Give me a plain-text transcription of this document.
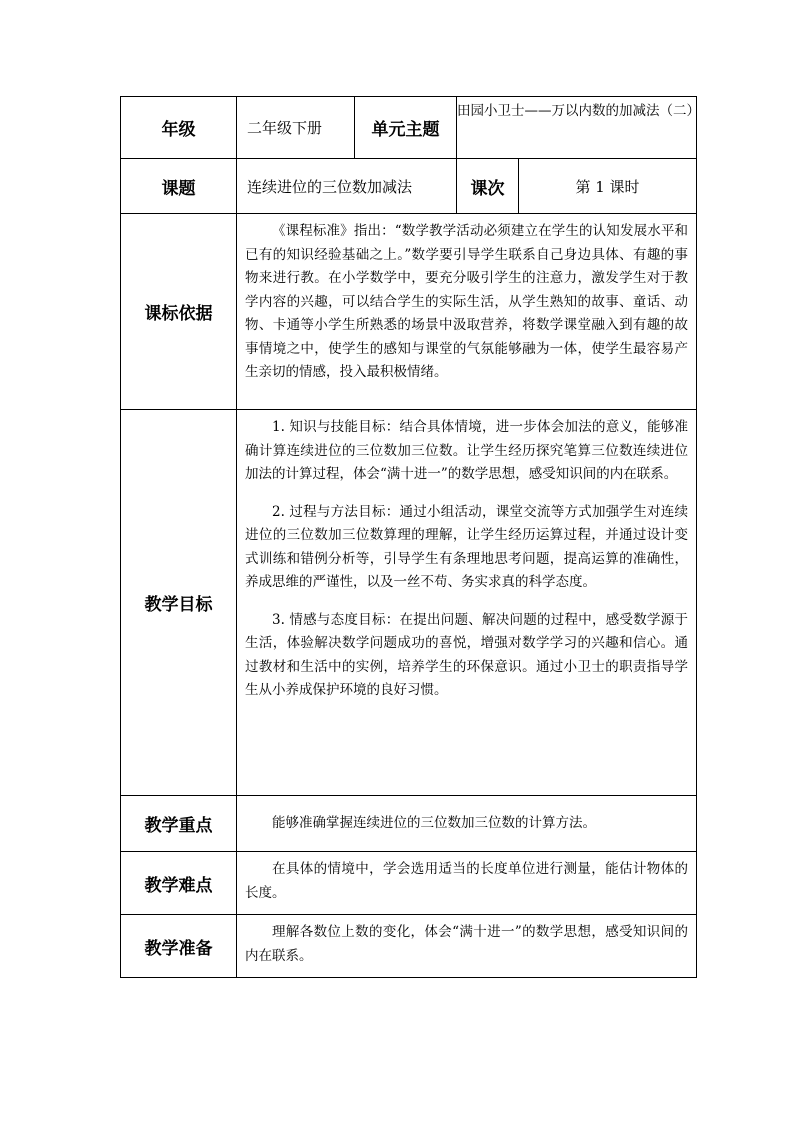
年级	二年级下册	单元主题	田园小卫士——万以内数的加减法（二）	

课题	连续进位的三位数加减法		课次	第 1 课时
课标依据	《课程标准》指出：“数学教学活动必须建立在学生的认知发展水平和已有的知识经验基础之上。”数学要引导学生联系自己身边具体、有趣的事物来进行教。在小学数学中，要充分吸引学生的注意力，激发学生对于教学内容的兴趣，可以结合学生的实际生活，从学生熟知的故事、童话、动物、卡通等小学生所熟悉的场景中汲取营养，将数学课堂融入到有趣的故事情境之中，使学生的感知与课堂的气氛能够融为一体，使学生最容易产生亲切的情感，投入最积极情绪。			

教学目标	1. 知识与技能目标：结合具体情境，进一步体会加法的意义，能够准确计算连续进位的三位数加三位数。让学生经历探究笔算三位数连续进位加法的计算过程，体会“满十进一”的数学思想，感受知识间的内在联系。

2. 过程与方法目标：通过小组活动，课堂交流等方式加强学生对连续进位的三位数加三位数算理的理解，让学生经历运算过程，并通过设计变式训练和错例分析等，引导学生有条理地思考问题，提高运算的准确性，养成思维的严谨性，以及一丝不苟、务实求真的科学态度。

3. 情感与态度目标：在提出问题、解决问题的过程中，感受数学源于生活，体验解决数学问题成功的喜悦，增强对数学学习的兴趣和信心。通过教材和生活中的实例，培养学生的环保意识。通过小卫士的职责指导学生从小养成保护环境的良好习惯。			

教学重点	能够准确掌握连续进位的三位数加三位数的计算方法。			

教学难点	在具体的情境中，学会选用适当的长度单位进行测量，能估计物体的长度。			

教学准备	理解各数位上数的变化，体会“满十进一”的数学思想，感受知识间的内在联系。			
